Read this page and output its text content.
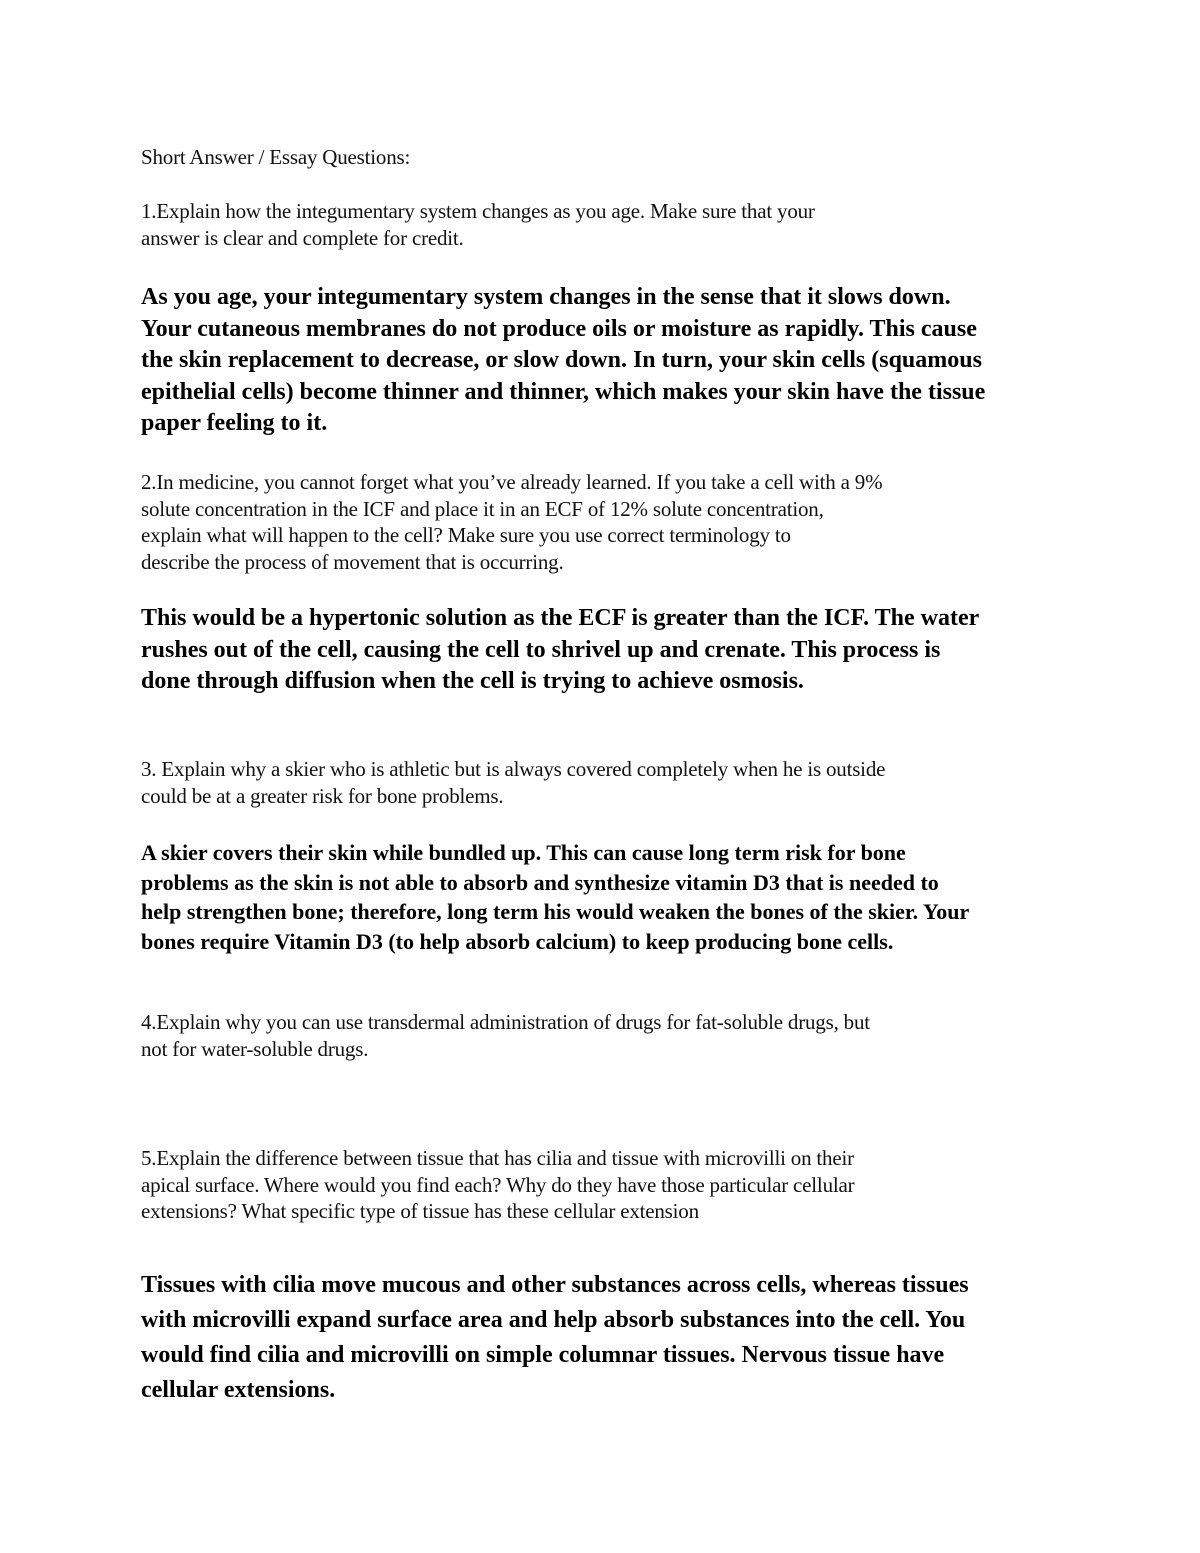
Short Answer / Essay Questions:

1.Explain how the integumentary system changes as you age. Make sure that your
answer is clear and complete for credit.

As you age, your integumentary system changes in the sense that it slows down.
Your cutaneous membranes do not produce oils or moisture as rapidly. This cause
the skin replacement to decrease, or slow down. In turn, your skin cells (squamous
epithelial cells) become thinner and thinner, which makes your skin have the tissue
paper feeling to it.

2.In medicine, you cannot forget what you’ve already learned. If you take a cell with a 9%
solute concentration in the ICF and place it in an ECF of 12% solute concentration,
explain what will happen to the cell? Make sure you use correct terminology to
describe the process of movement that is occurring.

This would be a hypertonic solution as the ECF is greater than the ICF. The water
rushes out of the cell, causing the cell to shrivel up and crenate. This process is
done through diffusion when the cell is trying to achieve osmosis.

3. Explain why a skier who is athletic but is always covered completely when he is outside
could be at a greater risk for bone problems.

A skier covers their skin while bundled up. This can cause long term risk for bone
problems as the skin is not able to absorb and synthesize vitamin D3 that is needed to
help strengthen bone; therefore, long term his would weaken the bones of the skier. Your
bones require Vitamin D3 (to help absorb calcium) to keep producing bone cells.

4.Explain why you can use transdermal administration of drugs for fat-soluble drugs, but
not for water-soluble drugs.

5.Explain the difference between tissue that has cilia and tissue with microvilli on their
apical surface. Where would you find each? Why do they have those particular cellular
extensions? What specific type of tissue has these cellular extension

Tissues with cilia move mucous and other substances across cells, whereas tissues
with microvilli expand surface area and help absorb substances into the cell. You
would find cilia and microvilli on simple columnar tissues. Nervous tissue have
cellular extensions.
